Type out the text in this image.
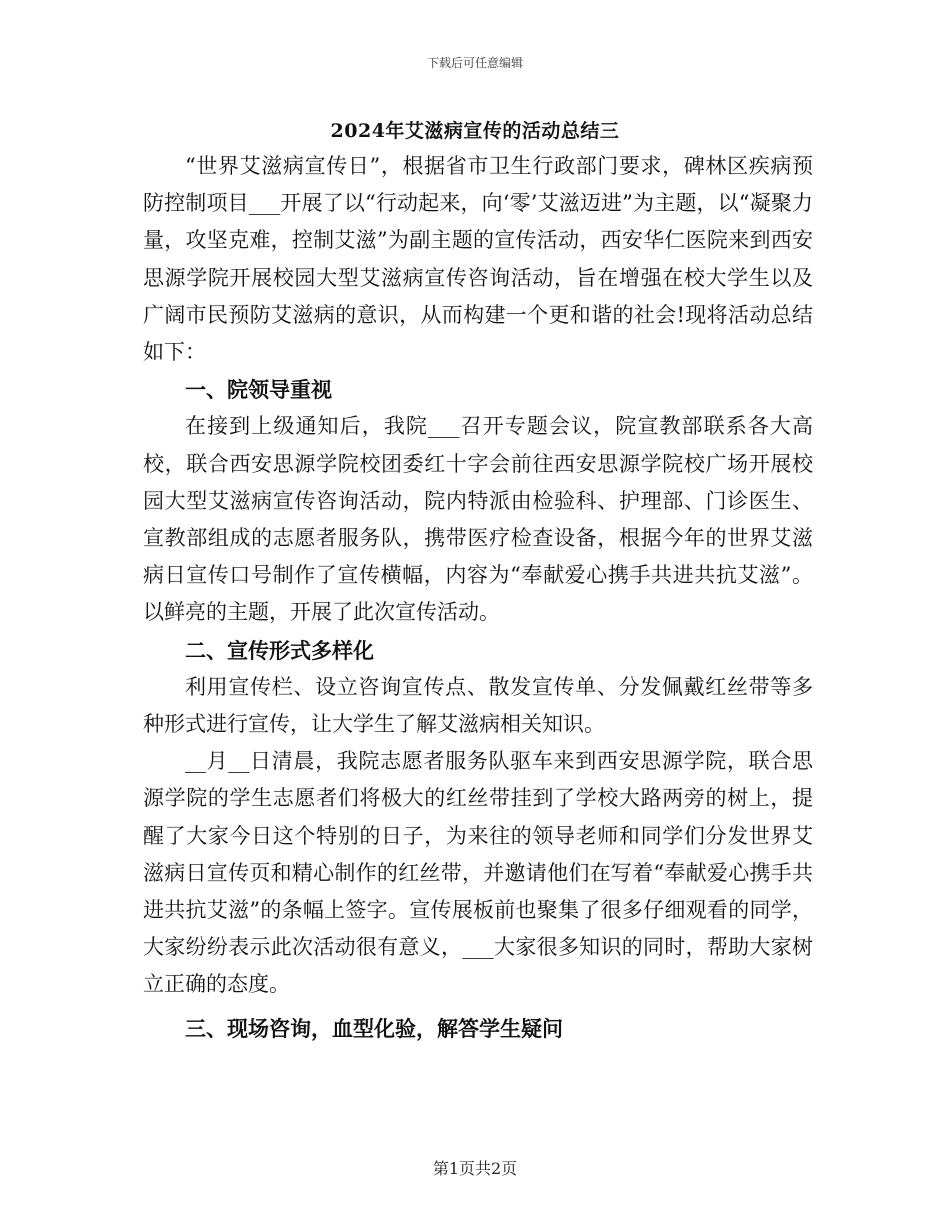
下载后可任意编辑
2024年艾滋病宣传的活动总结三

“世界艾滋病宣传日”，根据省市卫生行政部门要求，碑林区疾病预防控制项目___开展了以“行动起来，向‘零’艾滋迈进”为主题，以“凝聚力量，攻坚克难，控制艾滋”为副主题的宣传活动，西安华仁医院来到西安思源学院开展校园大型艾滋病宣传咨询活动，旨在增强在校大学生以及广阔市民预防艾滋病的意识，从而构建一个更和谐的社会!现将活动总结如下：

一、院领导重视

在接到上级通知后，我院___召开专题会议，院宣教部联系各大高校，联合西安思源学院校团委红十字会前往西安思源学院校广场开展校园大型艾滋病宣传咨询活动，院内特派由检验科、护理部、门诊医生、宣教部组成的志愿者服务队，携带医疗检查设备，根据今年的世界艾滋病日宣传口号制作了宣传横幅，内容为“奉献爱心携手共进共抗艾滋”。以鲜亮的主题，开展了此次宣传活动。

二、宣传形式多样化

利用宣传栏、设立咨询宣传点、散发宣传单、分发佩戴红丝带等多种形式进行宣传，让大学生了解艾滋病相关知识。

__月__日清晨，我院志愿者服务队驱车来到西安思源学院，联合思源学院的学生志愿者们将极大的红丝带挂到了学校大路两旁的树上，提醒了大家今日这个特别的日子，为来往的领导老师和同学们分发世界艾滋病日宣传页和精心制作的红丝带，并邀请他们在写着“奉献爱心携手共进共抗艾滋”的条幅上签字。宣传展板前也聚集了很多仔细观看的同学，大家纷纷表示此次活动很有意义，___大家很多知识的同时，帮助大家树立正确的态度。

三、现场咨询，血型化验，解答学生疑问
第1页共2页
